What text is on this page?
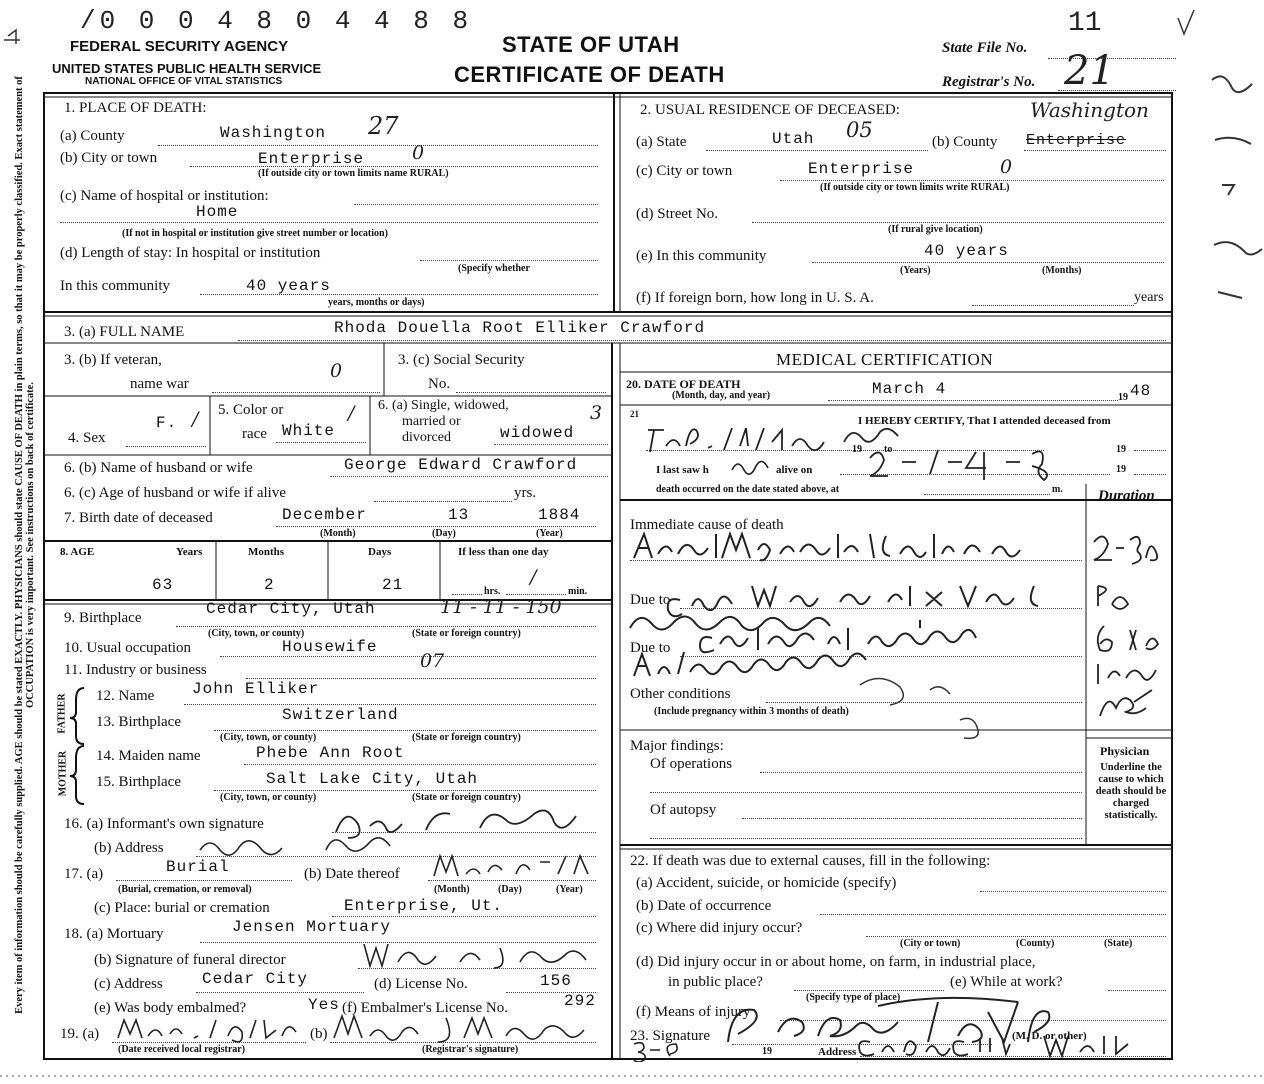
Every item of information should be carefully supplied. AGE should be stated EXACTLY. PHYSICIANS should state CAUSE OF DEATH in plain terms, so that it may be properly classified. Exact statement of OCCUPATION is very important. See instructions on back of certificate.
/0 0 0 4 8 0 4 4 8 8
FEDERAL SECURITY AGENCY
UNITED STATES PUBLIC HEALTH SERVICE
NATIONAL OFFICE OF VITAL STATISTICS
STATE OF UTAH
CERTIFICATE OF DEATH
State File No.
11
Registrar's No. 21
1. PLACE OF DEATH:
(a) County	Washington 27
(b) City or town	Enterprise	0
(If outside city or town limits name RURAL)
(c) Name of hospital or institution:
Home
(If not in hospital or institution give street number or location)
(d) Length of stay: In hospital or institution
(Specify whether
In this community	40 years
years, months or days)
2. USUAL RESIDENCE OF DECEASED:
(a) State	Utah 05	(b) County Enterprise
Washington
(c) City or town	Enterprise	0
(If outside city or town limits write RURAL)
(d) Street No.
(If rural give location)
(e) In this community	40 years
(Years)	(Months)
(f) If foreign born, how long in U. S. A.	years
3. (a) FULL NAME	Rhoda Douella Root Elliker Crawford
3. (b) If veteran,
name war
0	3. (c) Social Security
No.
4. Sex
F. / 5. Color or
race White
/ 6. (a) Single, widowed,
married or
divorced	widowed
3
6. (b) Name of husband or wife	George Edward Crawford
6. (c) Age of husband or wife if alive	yrs.
7. Birth date of deceased	December	13	1884
(Month)	(Day)	(Year)
8. AGE	Years	Months	Days	If less than one day
63	2	21	hrs.
/
min.
9. Birthplace	Cedar City, Utah	11 - 11 - 150
(City, town, or county)	(State or foreign country)
10. Usual occupation	Housewife
11. Industry or business	07
FATHER
MOTHER
12. Name John Elliker
13. Birthplace	Switzerland
(City, town, or county)	(State or foreign country)
14. Maiden name	Phebe Ann Root
15. Birthplace	Salt Lake City, Utah
(City, town, or county)	(State or foreign country)
16. (a) Informant's own signature
(b) Address
17. (a)	Burial
(Burial, cremation, or removal)
(b) Date thereof
(Month)	(Day)	(Year)
(c) Place: burial or cremation	Enterprise, Ut.
18. (a) Mortuary	Jensen Mortuary
(b) Signature of funeral director
(c) Address Cedar City	(d) License No.	156
(e) Was body embalmed?	Yes (f) Embalmer's License No.	292
19. (a)
(Date received local registrar)
(b)
(Registrar's signature)
MEDICAL CERTIFICATION
20. DATE OF DEATH
(Month, day, and year)	March 4	19 48
21
I HEREBY CERTIFY, That I attended deceased from
19 to	19
I last saw h	alive on	19
death occurred on the date stated above, at	m. Duration
Immediate cause of death
Due to
Due to
Other conditions
(Include pregnancy within 3 months of death)
Major findings:
Of operations
Of autopsy
Physician
Underline the cause to which death should be charged statistically.
22. If death was due to external causes, fill in the following:
(a) Accident, suicide, or homicide (specify)
(b) Date of occurrence
(c) Where did injury occur?
(City or town)	(County)	(State)
(d) Did injury occur in or about home, on farm, in industrial place,
in public place?
(Specify type of place)
(e) While at work?
(f) Means of injury
23. Signature	(M. D. or other)
19	Address
